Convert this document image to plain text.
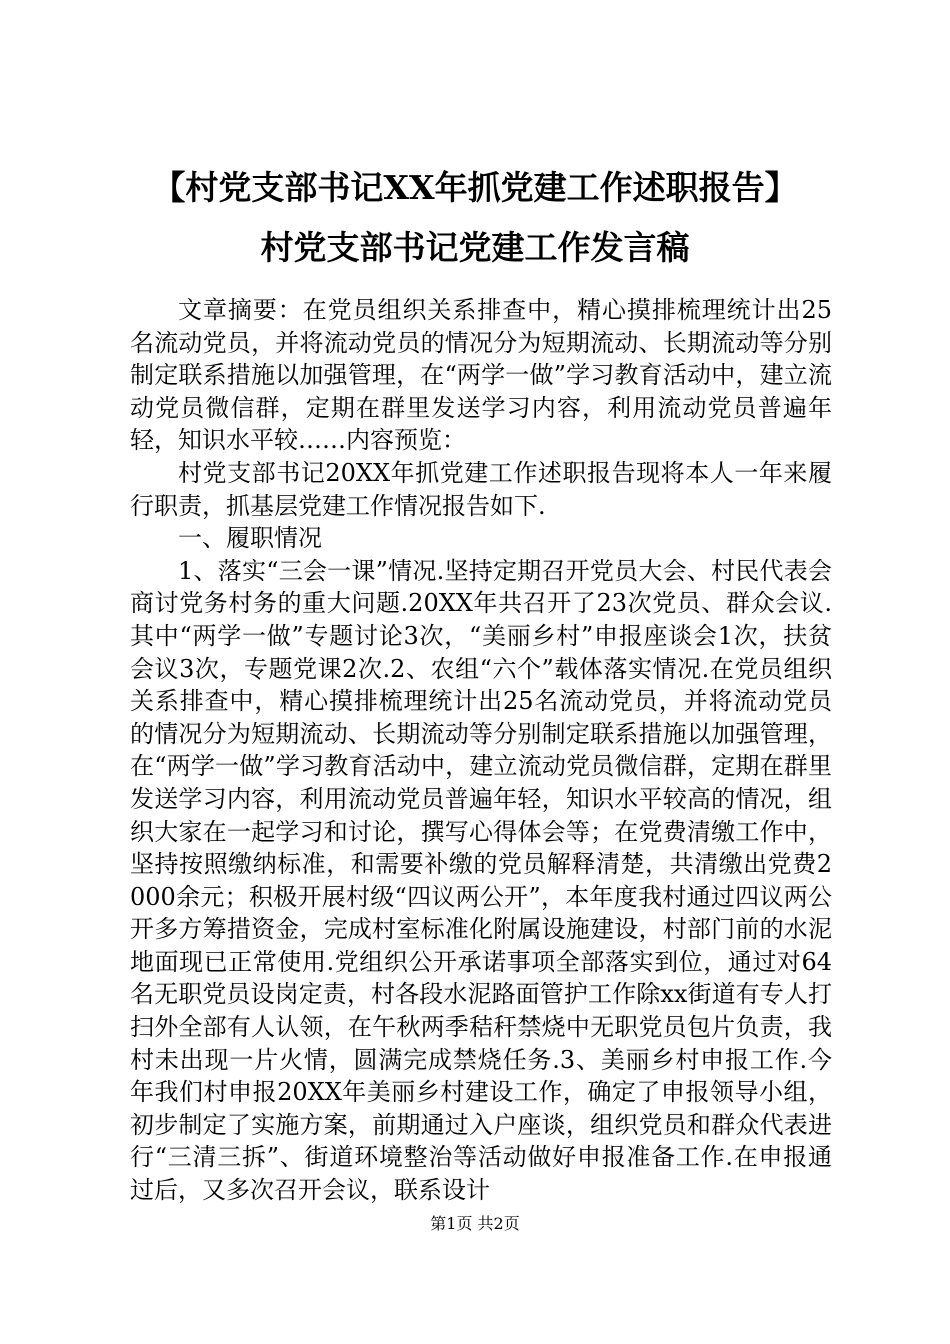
【村党支部书记XX年抓党建工作述职报告】
村党支部书记党建工作发言稿

文章摘要：在党员组织关系排查中，精心摸排梳理统计出25名流动党员，并将流动党员的情况分为短期流动、长期流动等分别制定联系措施以加强管理，在“两学一做”学习教育活动中，建立流动党员微信群，定期在群里发送学习内容，利用流动党员普遍年轻，知识水平较……内容预览：

村党支部书记20XX年抓党建工作述职报告现将本人一年来履行职责，抓基层党建工作情况报告如下.

一、履职情况

1、落实“三会一课”情况.坚持定期召开党员大会、村民代表会商讨党务村务的重大问题.20XX年共召开了23次党员、群众会议.其中“两学一做”专题讨论3次，“美丽乡村”申报座谈会1次，扶贫会议3次，专题党课2次.2、农组“六个”载体落实情况.在党员组织关系排查中，精心摸排梳理统计出25名流动党员，并将流动党员的情况分为短期流动、长期流动等分别制定联系措施以加强管理，在“两学一做”学习教育活动中，建立流动党员微信群，定期在群里发送学习内容，利用流动党员普遍年轻，知识水平较高的情况，组织大家在一起学习和讨论，撰写心得体会等；在党费清缴工作中，坚持按照缴纳标准，和需要补缴的党员解释清楚，共清缴出党费2000余元；积极开展村级“四议两公开”，本年度我村通过四议两公开多方筹措资金，完成村室标准化附属设施建设，村部门前的水泥地面现已正常使用.党组织公开承诺事项全部落实到位，通过对64名无职党员设岗定责，村各段水泥路面管护工作除xx街道有专人打扫外全部有人认领，在午秋两季秸秆禁烧中无职党员包片负责，我村未出现一片火情，圆满完成禁烧任务.3、美丽乡村申报工作.今年我们村申报20XX年美丽乡村建设工作，确定了申报领导小组，初步制定了实施方案，前期通过入户座谈，组织党员和群众代表进行“三清三拆”、街道环境整治等活动做好申报准备工作.在申报通过后，又多次召开会议，联系设计

第1页 共2页
